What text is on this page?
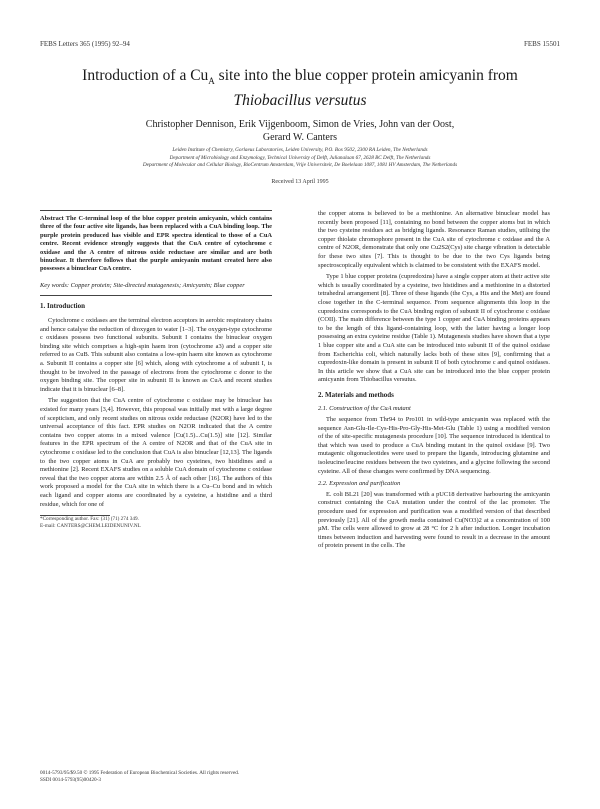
FEBS Letters 365 (1995) 92–94	FEBS 15501
Introduction of a $Cu_A$ site into the blue copper protein amicyanin from
Thiobacillus versutus
Christopher Dennison, Erik Vijgenboom, Simon de Vries, John van der Oost,
Gerard W. Canters
Leiden Institute of Chemistry, Gorlaeus Laboratories, Leiden University, P.O. Box 9502, 2300 RA Leiden, The Netherlands
Department of Microbiology and Enzymology, Technical University of Delft, Julianalaan 67, 2628 BC Delft, The Netherlands
Department of Molecular and Cellular Biology, BioCentrum Amsterdam, Vrije Universiteit, De Boelelaan 1087, 1081 HV Amsterdam, The Netherlands
Received 13 April 1995
Abstract The C-terminal loop of the blue copper protein amicyanin, which contains three of the four active site ligands, has been replaced with a CuA binding loop. The purple protein produced has visible and EPR spectra identical to those of a CuA centre. Recent evidence strongly suggests that the CuA centre of cytochrome c oxidase and the A centre of nitrous oxide reductase are similar and are both binuclear. It therefore follows that the purple amicyanin mutant created here also possesses a binuclear CuA centre.
Key words: Copper protein; Site-directed mutagenesis; Amicyanin; Blue copper
1. Introduction

Cytochrome c oxidases are the terminal electron acceptors in aerobic respiratory chains and hence catalyse the reduction of dioxygen to water [1–3]. The oxygen-type cytochrome c oxidases possess two functional subunits. Subunit I contains the binuclear oxygen binding site which comprises a high-spin haem iron (cytochrome a3) and a copper site referred to as CuB. This subunit also contains a low-spin haem site known as cytochrome a. Subunit II contains a copper site [6] which, along with cytochrome a of subunit I, is thought to be involved in the passage of electrons from the cytochrome c donor to the oxygen binding site. The copper site in subunit II is known as CuA and recent studies indicate that it is binuclear [6–8].

The suggestion that the CuA centre of cytochrome c oxidase may be binuclear has existed for many years [3,4]. However, this proposal was initially met with a large degree of scepticism, and only recent studies on nitrous oxide reductase (N2OR) have led to the universal acceptance of this fact. EPR studies on N2OR indicated that the A centre contains two copper atoms in a mixed valence [Cu(1.5)...Cu(1.5)] site [12]. Similar features in the EPR spectrum of the A centre of N2OR and that of the CuA site in cytochrome c oxidase led to the conclusion that CuA is also binuclear [12,13]. The ligands to the two copper atoms in CuA are probably two cysteines, two histidines and a methionine [2]. Recent EXAFS studies on a soluble CuA domain of cytochrome c oxidase reveal that the two copper atoms are within 2.5 Å of each other [16]. The authors of this work proposed a model for the CuA site in which there is a Cu–Cu bond and in which each ligand and copper atoms are coordinated by a cysteine, a histidine and a third residue, which for one of

*Corresponding author. Fax: (31) (71) 274 349.
E-mail: CANTERS@CHEM.LEIDENUNIV.NL

the copper atoms is believed to be a methionine. An alternative binuclear model has recently been proposed [11], containing no bond between the copper atoms but in which the two cysteine residues act as bridging ligands. Resonance Raman studies, utilising the copper thiolate chromophore present in the CuA site of cytochrome c oxidase and the A centre of N2OR, demonstrate that only one Cu2S2(Cys) site charge vibration is detectable for these two sites [7]. This is thought to be due to the two Cys ligands being spectroscopically equivalent which is claimed to be consistent with the EXAFS model.

Type 1 blue copper proteins (cupredoxins) have a single copper atom at their active site which is usually coordinated by a cysteine, two histidines and a methionine in a distorted tetrahedral arrangement [8]. Three of these ligands (the Cys, a His and the Met) are found close together in the C-terminal sequence. From sequence alignments this loop in the cupredoxins corresponds to the CuA binding region of subunit II of cytochrome c oxidase (COII). The main difference between the type 1 copper and CuA binding proteins appears to be the length of this ligand-containing loop, with the latter having a longer loop possessing an extra cysteine residue (Table 1). Mutagenesis studies have shown that a type 1 blue copper site and a CuA site can be introduced into subunit II of the quinol oxidase from Escherichia coli, which naturally lacks both of these sites [9], confirming that a cupredoxin-like domain is present in subunit II of both cytochrome c and quinol oxidases. In this article we show that a CuA site can be introduced into the blue copper protein amicyanin from Thiobacillus versutus.

2. Materials and methods
2.1. Construction of the CuA mutant

The sequence from Thr94 to Pro101 in wild-type amicyanin was replaced with the sequence Asn-Glu-Ile-Cys-His-Pro-Gly-His-Met-Glu (Table 1) using a modified version of the of site-specific mutagenesis procedure [10]. The sequence introduced is identical to that which was used to produce a CuA binding mutant in the quinol oxidase [9]. Two mutagenic oligonucleotides were used to prepare the ligands, introducing glutamine and isoleucine/leucine residues between the two cysteines, and a glycine following the second cysteine. All of these changes were confirmed by DNA sequencing.

2.2. Expression and purification

E. coli BL21 [20] was transformed with a pUC18 derivative harbouring the amicyanin construct containing the CuA mutation under the control of the lac promoter. The procedure used for expression and purification was a modified version of that described previously [21]. All of the growth media contained Cu(NO3)2 at a concentration of 100 µM. The cells were allowed to grow at 28 °C for 2 h after induction. Longer incubation times between induction and harvesting were found to result in a decrease in the amount of protein present in the cells. The

0014-5793/95/$9.50 © 1995 Federation of European Biochemical Societies. All rights reserved.
SSDI 0014-5793(95)00420-3
